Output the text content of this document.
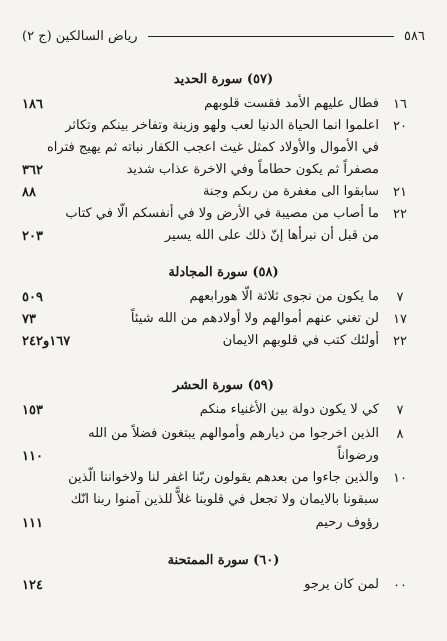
رياض السالكين (ج ٢)	٥٨٦
(٥٧) سورة الحديد
١٦
فطال عليهم الأمد فقست قلوبهم
١٨٦
٢٠
اعلموا انما الحياة الدنيا لعب ولهو وزينة وتفاخر بينكم وتكاثر
في الأموال والأولاد كمثل غيث اعجب الكفار نباته ثم يهيج فتراه
مصفراً ثم يكون حطاماً وفي الاخرة عذاب شديد
٣٦٢
٢١
سابقوا الى مغفرة من ربكم وجنة
٨٨
٢٢
ما أصاب من مصيبة في الأرض ولا في أنفسكم الّا في كتاب
من قبل أن نبرأها إنّ ذلك على الله يسير
٢٠٣
(٥٨) سورة المجادلة
٧
ما يكون من نجوى ثلاثة الّا هورابعهم
٥٠٩
١٧
لن تغني عنهم أموالهم ولا أولادهم من الله شيئاً
٧٣
٢٢
أولئك كتب في قلوبهم الايمان
١٦٧و٢٤٢
(٥٩) سورة الحشر
٧
كي لا يكون دولة بين الأغنياء منكم
١٥٣
٨
الذين اخرجوا من ديارهم وأموالهم يبتغون فضلاً من الله
ورضواناً
١١٠
١٠
والذين جاءوا من بعدهم يقولون ربّنا اغفر لنا ولاخواننا الّذين
سبقونا بالايمان ولا تجعل في قلوبنا غلاًّ للذين آمنوا ربنا انّك
رؤوف رحيم
١١١
(٦٠) سورة الممتحنة
٠٠
لمن كان يرجو
١٢٤
